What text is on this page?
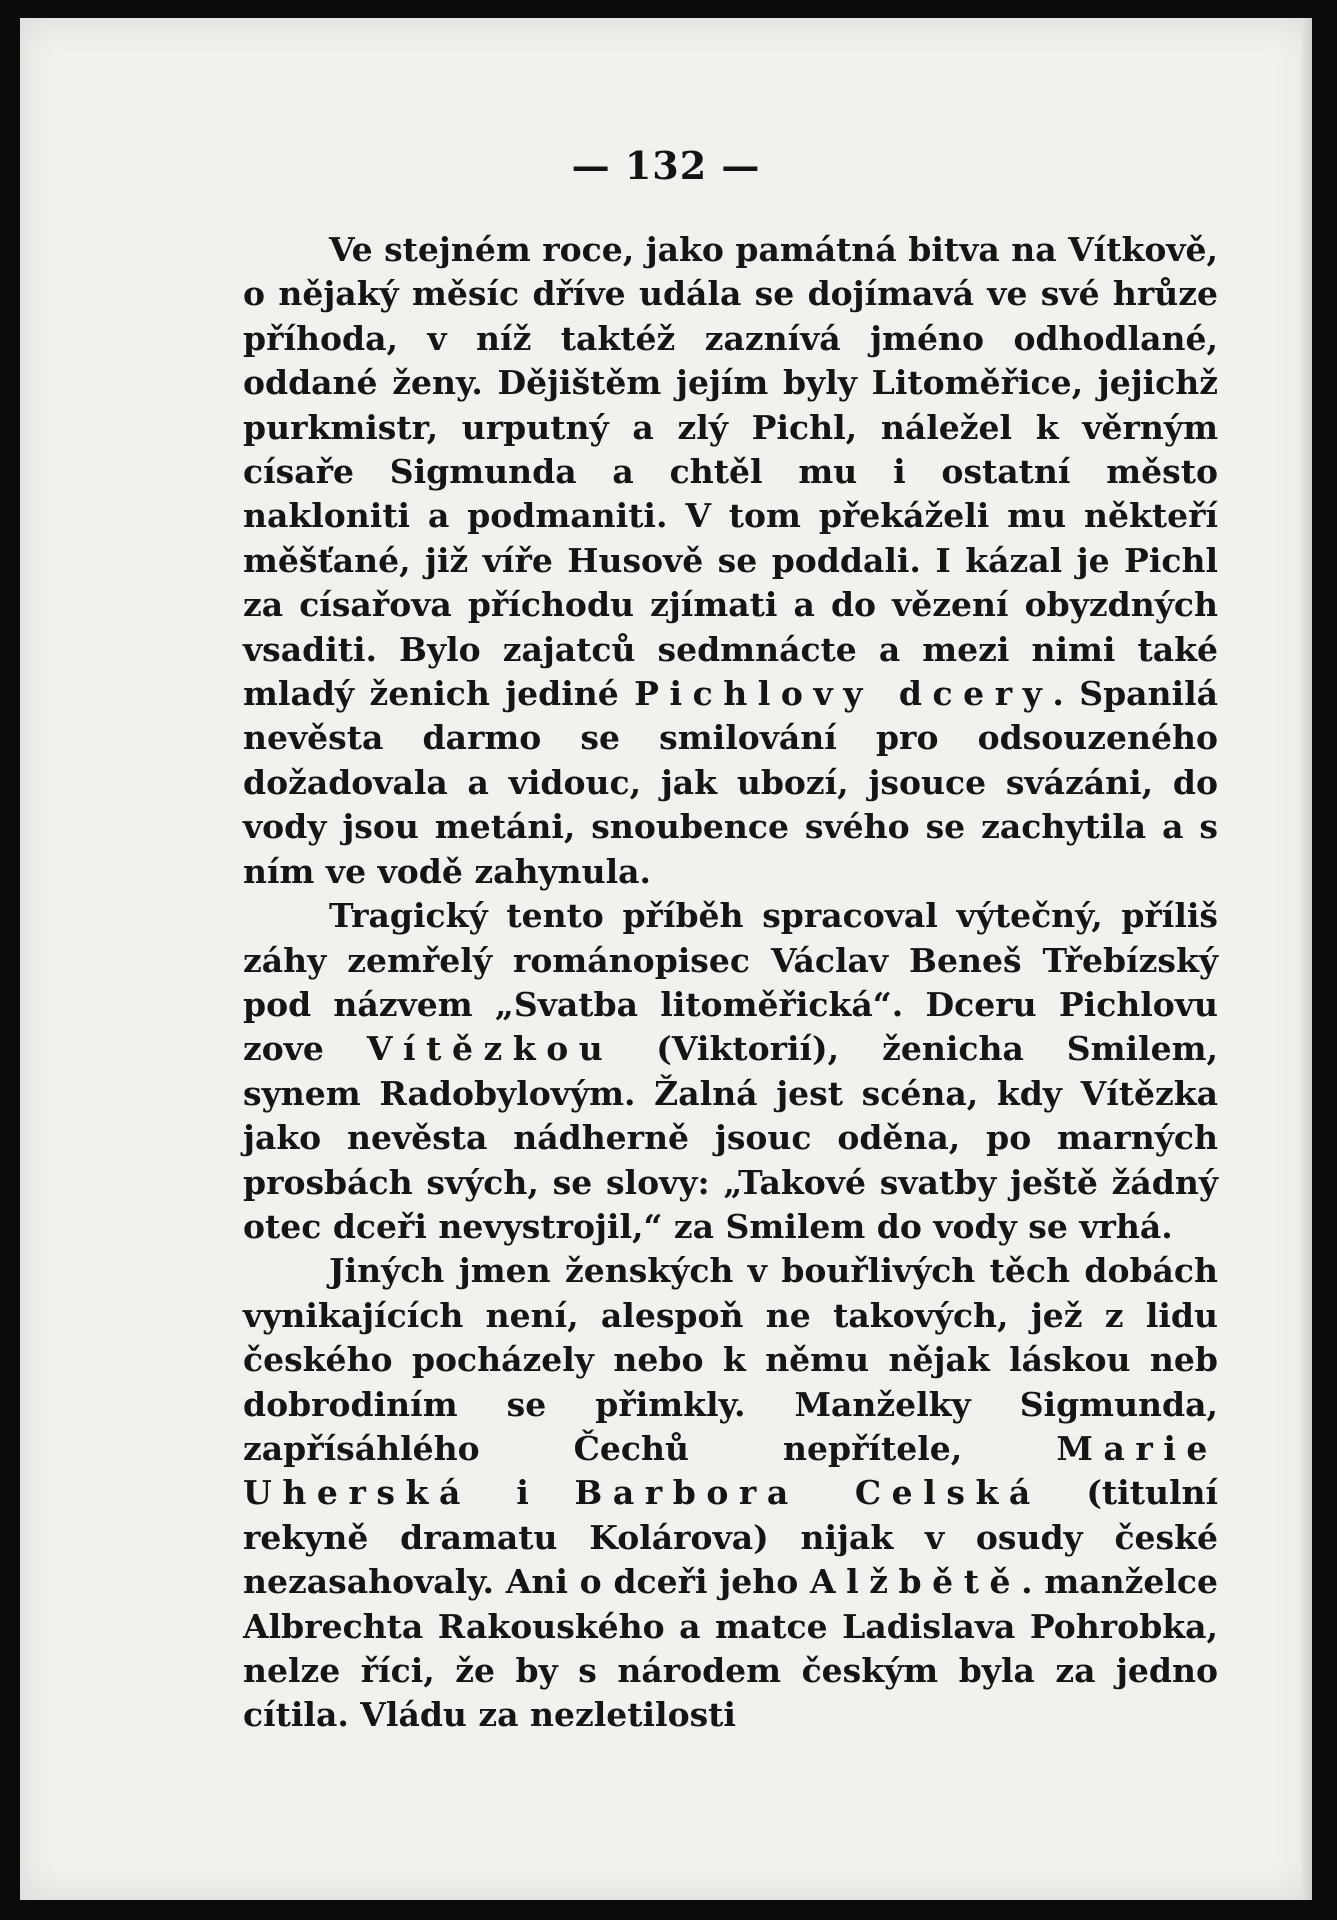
— 132 —

Ve stejném roce, jako památná bitva na Vítkově, o nějaký měsíc dříve udála se dojímavá ve své hrůze příhoda, v níž taktéž zaznívá jméno odhodlané, oddané ženy. Dějištěm jejím byly Litoměřice, jejichž purkmistr, urputný a zlý Pichl, náležel k věrným císaře Sigmunda a chtěl mu i ostatní město nakloniti a podmaniti. V tom překáželi mu někteří měšťané, již víře Husově se poddali. I kázal je Pichl za císařova příchodu zjímati a do vězení obyzdných vsaditi. Bylo zajatců sedmnácte a mezi nimi také mladý ženich jediné Pichlovy dcery. Spanilá nevěsta darmo se smilování pro odsouzeného dožadovala a vidouc, jak ubozí, jsouce svázáni, do vody jsou metáni, snoubence svého se zachytila a s ním ve vodě zahynula.

Tragický tento příběh spracoval výtečný, příliš záhy zemřelý románopisec Václav Beneš Třebízský pod názvem „Svatba litoměřická“. Dceru Pichlovu zove Vítězkou (Viktorií), ženicha Smilem, synem Radobylovým. Žalná jest scéna, kdy Vítězka jako nevěsta nádherně jsouc oděna, po marných prosbách svých, se slovy: „Takové svatby ještě žádný otec dceři nevystrojil,“ za Smilem do vody se vrhá.

Jiných jmen ženských v bouřlivých těch dobách vynikajících není, alespoň ne takových, jež z lidu českého pocházely nebo k němu nějak láskou neb dobrodiním se přimkly. Manželky Sigmunda, zapřísáhlého Čechů nepřítele, Marie Uherská i Barbora Celská (titulní rekyně dramatu Kolárova) nijak v osudy české nezasahovaly. Ani o dceři jeho Alžbětě. manželce Albrechta Rakouského a matce Ladislava Pohrobka, nelze říci, že by s národem českým byla za jedno cítila. Vládu za nezletilosti
